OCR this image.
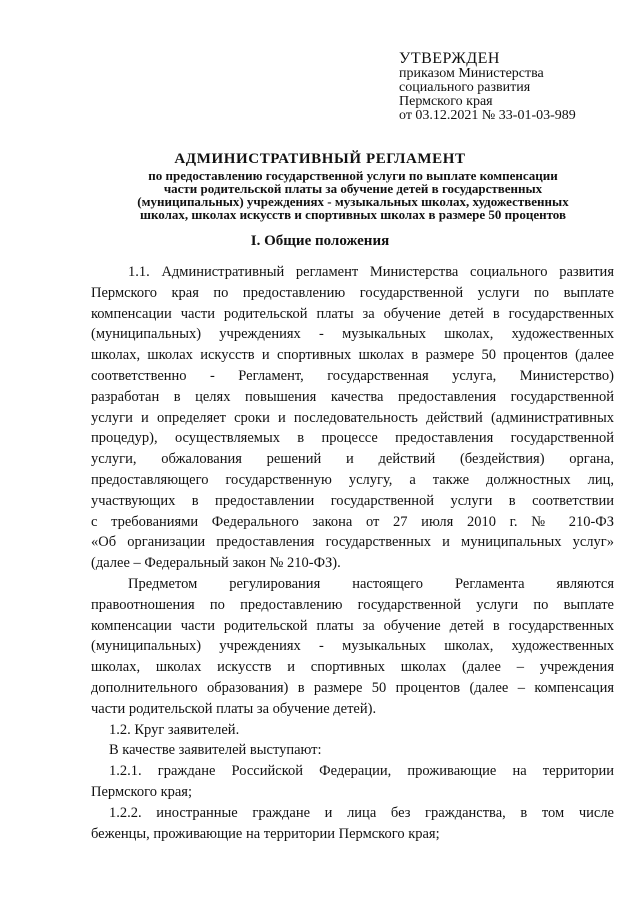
УТВЕРЖДЕН
приказом Министерства
социального развития
Пермского края
от 03.12.2021 № 33-01-03-989
АДМИНИСТРАТИВНЫЙ РЕГЛАМЕНТ
по предоставлению государственной услуги по выплате компенсации
части родительской платы за обучение детей в государственных
(муниципальных) учреждениях - музыкальных школах, художественных
школах, школах искусств и спортивных школах в размере 50 процентов
I. Общие положения
1.1. Административный регламент Министерства социального развития
Пермского края по предоставлению государственной услуги по выплате
компенсации части родительской платы за обучение детей в государственных
(муниципальных) учреждениях - музыкальных школах, художественных
школах, школах искусств и спортивных школах в размере 50 процентов (далее
соответственно - Регламент, государственная услуга, Министерство)
разработан в целях повышения качества предоставления государственной
услуги и определяет сроки и последовательность действий (административных
процедур), осуществляемых в процессе предоставления государственной
услуги, обжалования решений и действий (бездействия) органа,
предоставляющего государственную услугу, а также должностных лиц,
участвующих в предоставлении государственной услуги в соответствии
с требованиями Федерального закона от 27 июля 2010 г. № 210-ФЗ
«Об организации предоставления государственных и муниципальных услуг»
(далее – Федеральный закон № 210-ФЗ).
Предметом регулирования настоящего Регламента являются
правоотношения по предоставлению государственной услуги по выплате
компенсации части родительской платы за обучение детей в государственных
(муниципальных) учреждениях - музыкальных школах, художественных
школах, школах искусств и спортивных школах (далее – учреждения
дополнительного образования) в размере 50 процентов (далее – компенсация
части родительской платы за обучение детей).
1.2. Круг заявителей.
В качестве заявителей выступают:
1.2.1. граждане Российской Федерации, проживающие на территории
Пермского края;
1.2.2. иностранные граждане и лица без гражданства, в том числе
беженцы, проживающие на территории Пермского края;
